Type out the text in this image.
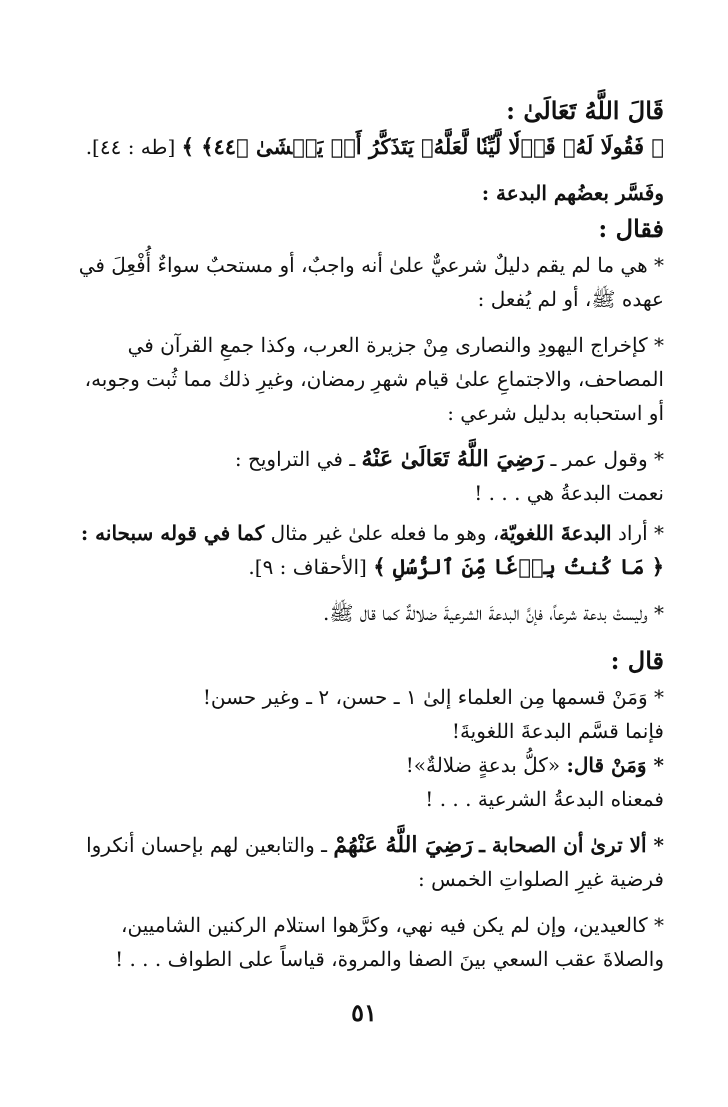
قَالَ اللَّهُ تَعَالَىٰ :
﴿ فَقُولَا لَهُۥ قَوۡلٗا لَّيِّنٗا لَّعَلَّهُۥ يَتَذَكَّرُ أَوۡ يَخۡشَىٰ ﴿٤٤﴾ ﴾ [طه : ٤٤].
وفَسَّر بعضُهم البدعة :
فقال :
* هي ما لم يقم دليلٌ شرعيٌّ علىٰ أنه واجبٌ، أو مستحبٌ سواءٌ أُفْعِلَ في
عهده ﷺ، أو لم يُفعل :
* كإخراج اليهودِ والنصارى مِنْ جزيرة العرب، وكذا جمعِ القرآن في
المصاحف، والاجتماعِ علىٰ قيام شهرِ رمضان، وغيرِ ذلك مما ثُبت وجوبه،
أو استحبابه بدليل شرعي :
* وقول عمر ـ رَضِيَ اللَّهُ تَعَالَىٰ عَنْهُ ـ في التراويح :
نعمت البدعةُ هي . . . !
* أراد البدعةَ اللغويّة، وهو ما فعله علىٰ غير مثال كما في قوله سبحانه :
﴿ مَا كُنتُ بِدۡعٗا مِّنَ ٱلرُّسُلِ ﴾ [الأحقاف : ٩].
* وليستْ بدعة شرعاً، فإنَّ البدعةَ الشرعيةَ ضلالةٌ كما قال ﷺ.
قال :
* وَمَنْ قسمها مِن العلماء إلىٰ ١ ـ حسن، ٢ ـ وغير حسن!
فإنما قسَّم البدعةَ اللغويةَ!
* وَمَنْ قال: «كلُّ بدعةٍ ضلالةٌ»!
فمعناه البدعةُ الشرعية . . . !
* ألا ترىٰ أن الصحابة ـ رَضِيَ اللَّهُ عَنْهُمْ ـ والتابعين لهم بإحسان أنكروا
فرضية غيرِ الصلواتِ الخمس :
* كالعيدين، وإن لم يكن فيه نهي، وكرَّهوا استلام الركنين الشاميين،
والصلاةَ عقب السعي بينَ الصفا والمروة، قياساً على الطواف . . . !
٥١
